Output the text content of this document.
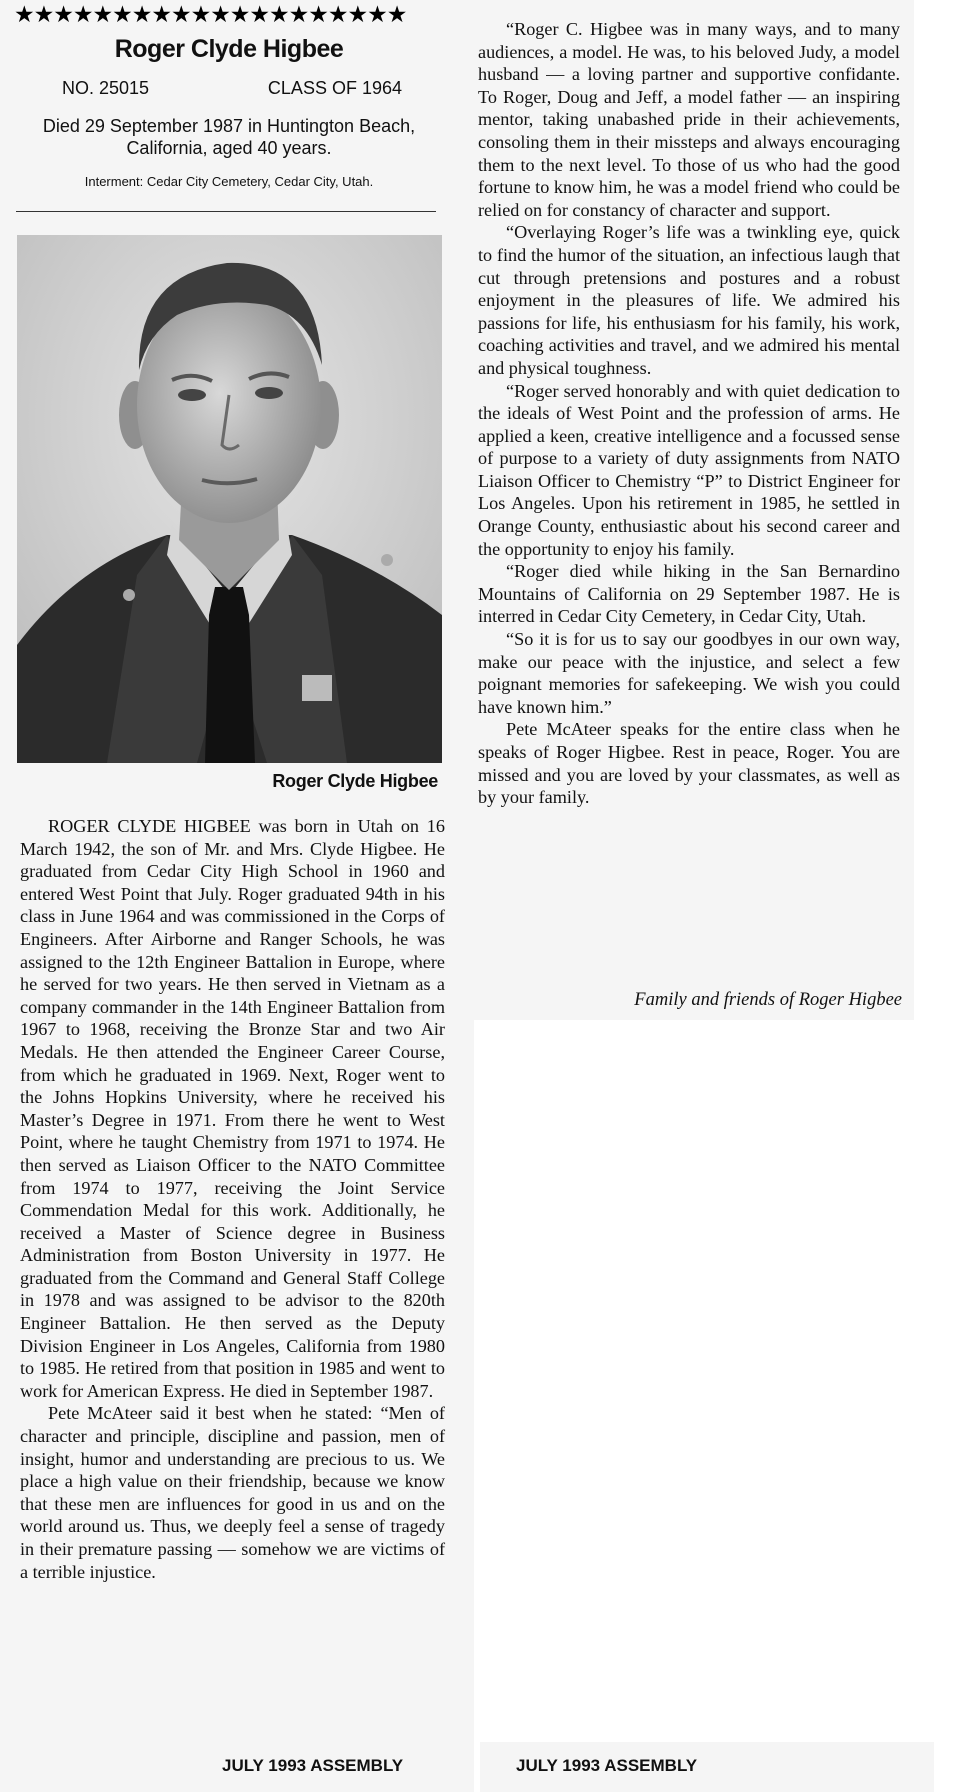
★★★★★★★★★★★★★★★★★★★★
Roger Clyde Higbee
NO. 25015	CLASS OF 1964
Died 29 September 1987 in Huntington Beach,
California, aged 40 years.
Interment: Cedar City Cemetery, Cedar City, Utah.
Roger Clyde Higbee

ROGER CLYDE HIGBEE was born in Utah on 16 March 1942, the son of Mr. and Mrs. Clyde Higbee. He graduated from Cedar City High School in 1960 and entered West Point that July. Roger graduated 94th in his class in June 1964 and was commissioned in the Corps of Engineers. After Airborne and Ranger Schools, he was assigned to the 12th Engineer Battalion in Europe, where he served for two years. He then served in Vietnam as a company commander in the 14th Engineer Battalion from 1967 to 1968, receiving the Bronze Star and two Air Medals. He then attended the Engineer Career Course, from which he graduated in 1969. Next, Roger went to the Johns Hopkins University, where he received his Master’s Degree in 1971. From there he went to West Point, where he taught Chemistry from 1971 to 1974. He then served as Liaison Officer to the NATO Committee from 1974 to 1977, receiving the Joint Service Commendation Medal for this work. Additionally, he received a Master of Science degree in Business Administration from Boston University in 1977. He graduated from the Command and General Staff College in 1978 and was assigned to be advisor to the 820th Engineer Battalion. He then served as the Deputy Division Engineer in Los Angeles, California from 1980 to 1985. He retired from that position in 1985 and went to work for American Express. He died in September 1987.

Pete McAteer said it best when he stated: “Men of character and principle, discipline and passion, men of insight, humor and understanding are precious to us. We place a high value on their friendship, because we know that these men are influences for good in us and on the world around us. Thus, we deeply feel a sense of tragedy in their premature passing — somehow we are victims of a terrible injustice.

“Roger C. Higbee was in many ways, and to many audiences, a model. He was, to his beloved Judy, a model husband — a loving partner and supportive confidante. To Roger, Doug and Jeff, a model father — an inspiring mentor, taking unabashed pride in their achievements, consoling them in their missteps and always encouraging them to the next level. To those of us who had the good fortune to know him, he was a model friend who could be relied on for constancy of character and support.

“Overlaying Roger’s life was a twinkling eye, quick to find the humor of the situation, an infectious laugh that cut through pretensions and postures and a robust enjoyment in the pleasures of life. We admired his passions for life, his enthusiasm for his family, his work, coaching activities and travel, and we admired his mental and physical toughness.

“Roger served honorably and with quiet dedication to the ideals of West Point and the profession of arms. He applied a keen, creative intelligence and a focussed sense of purpose to a variety of duty assignments from NATO Liaison Officer to Chemistry “P” to District Engineer for Los Angeles. Upon his retirement in 1985, he settled in Orange County, enthusiastic about his second career and the opportunity to enjoy his family.

“Roger died while hiking in the San Bernardino Mountains of California on 29 September 1987. He is interred in Cedar City Cemetery, in Cedar City, Utah.

“So it is for us to say our goodbyes in our own way, make our peace with the injustice, and select a few poignant memories for safekeeping. We wish you could have known him.”

Pete McAteer speaks for the entire class when he speaks of Roger Higbee. Rest in peace, Roger. You are missed and you are loved by your classmates, as well as by your family.

Family and friends of Roger Higbee
JULY 1993 ASSEMBLY	JULY 1993 ASSEMBLY
